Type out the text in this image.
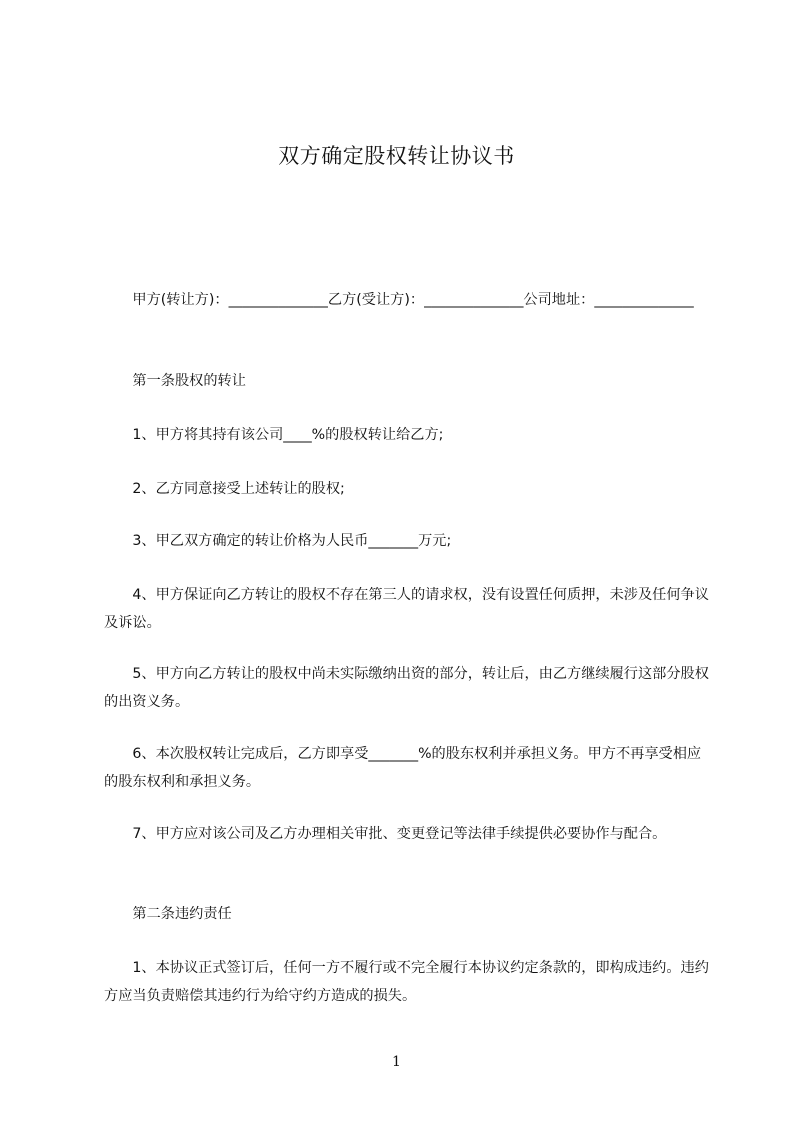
双方确定股权转让协议书
甲方(转让方)：______________乙方(受让方)：______________公司地址：______________
第一条股权的转让
1、甲方将其持有该公司____%的股权转让给乙方;
2、乙方同意接受上述转让的股权;
3、甲乙双方确定的转让价格为人民币_______万元;
4、甲方保证向乙方转让的股权不存在第三人的请求权，没有设置任何质押，未涉及任何争议及诉讼。
5、甲方向乙方转让的股权中尚未实际缴纳出资的部分，转让后，由乙方继续履行这部分股权的出资义务。
6、本次股权转让完成后，乙方即享受_______%的股东权利并承担义务。甲方不再享受相应的股东权利和承担义务。
7、甲方应对该公司及乙方办理相关审批、变更登记等法律手续提供必要协作与配合。
第二条违约责任
1、本协议正式签订后，任何一方不履行或不完全履行本协议约定条款的，即构成违约。违约方应当负责赔偿其违约行为给守约方造成的损失。
1
